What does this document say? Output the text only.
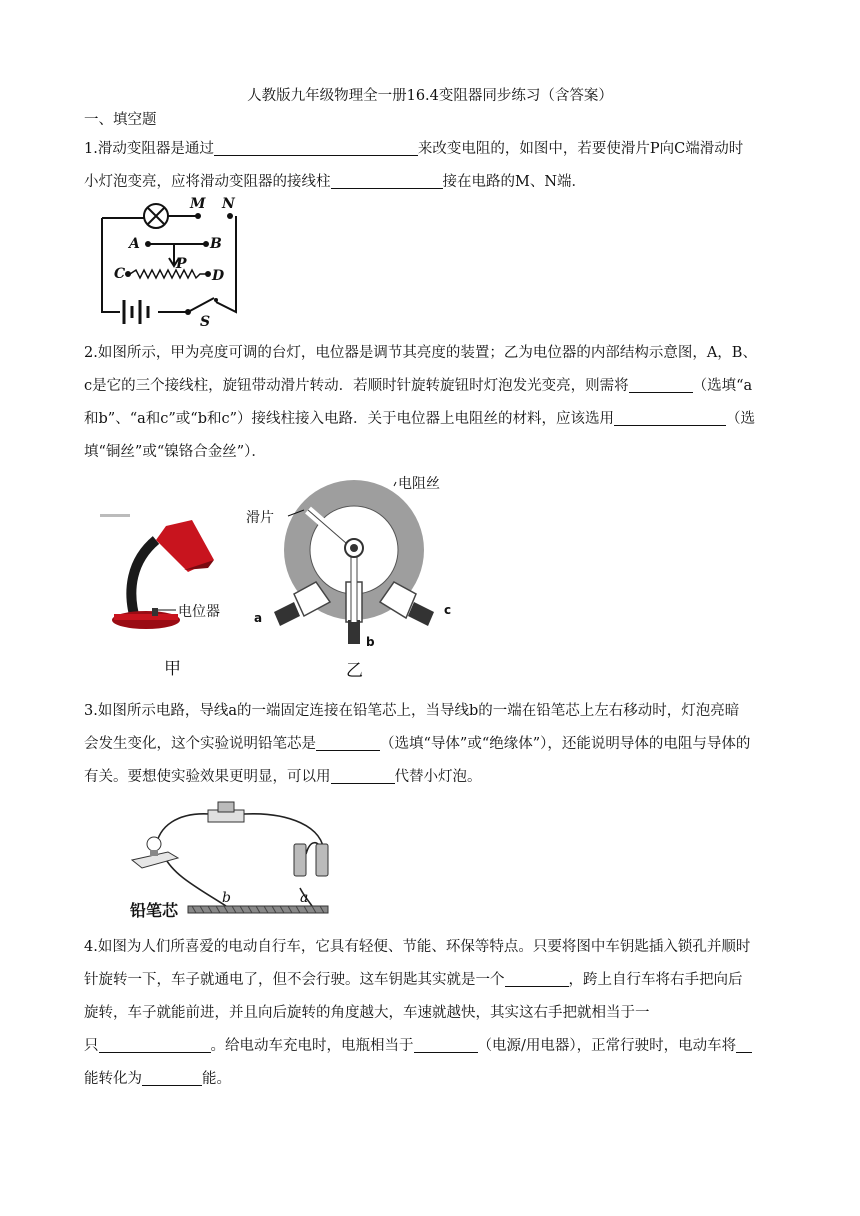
人教版九年级物理全一册16.4变阻器同步练习（含答案）
一、填空题
1.滑动变阻器是通过	来改变电阻的，如图中，若要使滑片P向C端滑动时
小灯泡变亮，应将滑动变阻器的接线柱	接在电路的M、N端．
M N
A	B
P
C	D
S
2.如图所示，甲为亮度可调的台灯，电位器是调节其亮度的装置；乙为电位器的内部结构示意图，A，B、
c是它的三个接线柱，旋钮带动滑片转动．若顺时针旋转旋钮时灯泡发光变亮，则需将	（选填“a
和b”、“a和c”或“b和c”）接线柱接入电路．关于电位器上电阻丝的材料，应该选用	（选
填“铜丝”或“镍铬合金丝”）．
电位器
甲
电阻丝
滑片
a
b
c
乙
3.如图所示电路，导线a的一端固定连接在铅笔芯上，当导线b的一端在铅笔芯上左右移动时，灯泡亮暗
会发生变化，这个实验说明铅笔芯是	（选填“导体”或“绝缘体”），还能说明导体的电阻与导体的
有关。要想使实验效果更明显，可以用	代替小灯泡。
铅笔芯
b	a
4.如图为人们所喜爱的电动自行车，它具有轻便、节能、环保等特点。只要将图中车钥匙插入锁孔并顺时
针旋转一下，车子就通电了，但不会行驶。这车钥匙其实就是一个	，跨上自行车将右手把向后
旋转，车子就能前进，并且向后旋转的角度越大，车速就越快，其实这右手把就相当于一
只	。给电动车充电时，电瓶相当于	（电源/用电器），正常行驶时，电动车将
能转化为	能。
